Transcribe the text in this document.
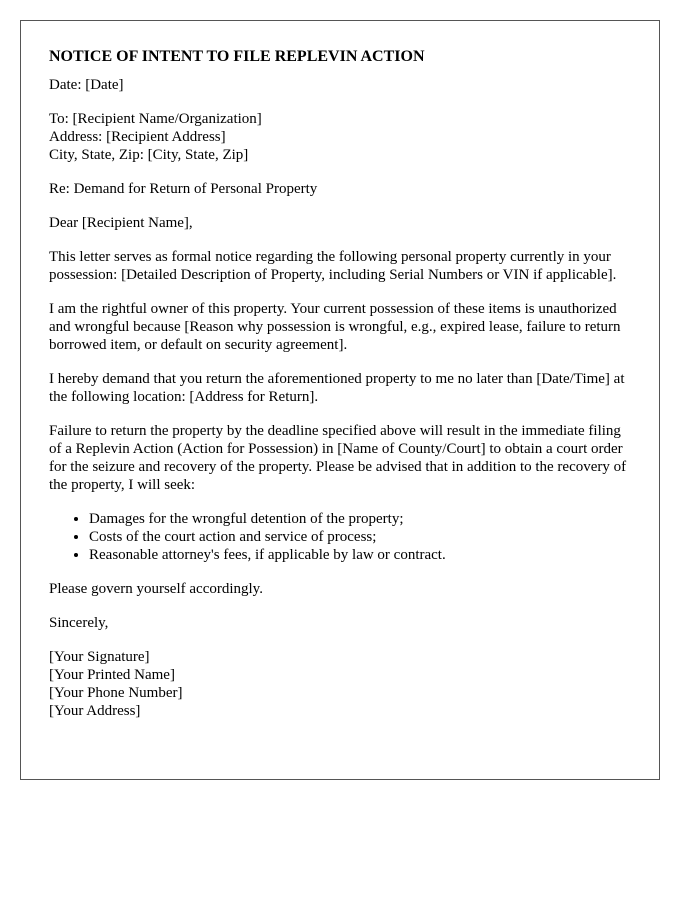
NOTICE OF INTENT TO FILE REPLEVIN ACTION

Date: [Date]

To: [Recipient Name/Organization]
Address: [Recipient Address]
City, State, Zip: [City, State, Zip]

Re: Demand for Return of Personal Property

Dear [Recipient Name],

This letter serves as formal notice regarding the following personal property currently in your possession: [Detailed Description of Property, including Serial Numbers or VIN if applicable].

I am the rightful owner of this property. Your current possession of these items is unauthorized and wrongful because [Reason why possession is wrongful, e.g., expired lease, failure to return borrowed item, or default on security agreement].

I hereby demand that you return the aforementioned property to me no later than [Date/Time] at the following location: [Address for Return].

Failure to return the property by the deadline specified above will result in the immediate filing of a Replevin Action (Action for Possession) in [Name of County/Court] to obtain a court order for the seizure and recovery of the property. Please be advised that in addition to the recovery of the property, I will seek:

• Damages for the wrongful detention of the property;
• Costs of the court action and service of process;
• Reasonable attorney's fees, if applicable by law or contract.

Please govern yourself accordingly.

Sincerely,

[Your Signature]
[Your Printed Name]
[Your Phone Number]
[Your Address]
